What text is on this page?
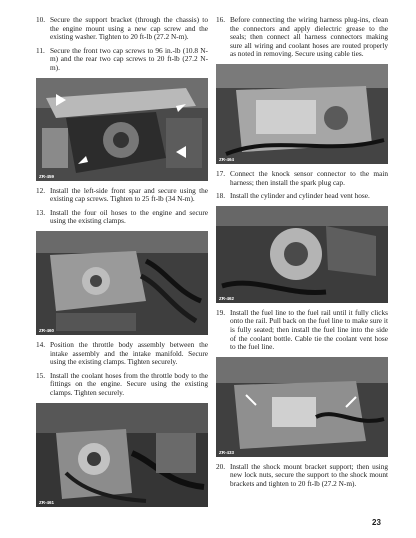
10. Secure the support bracket (through the chassis) to the engine mount using a new cap screw and the existing washer. Tighten to 20 ft-lb (27.2 N-m).
11. Secure the front two cap screws to 96 in.-lb (10.8 N-m) and the rear two cap screws to 20 ft-lb (27.2 N-m).
ZR-459
12. Install the left-side front spar and secure using the existing cap screws. Tighten to 25 ft-lb (34 N-m).
13. Install the four oil hoses to the engine and secure using the existing clamps.
ZR-460
14. Position the throttle body assembly between the intake assembly and the intake manifold. Secure using the existing clamps. Tighten securely.
15. Install the coolant hoses from the throttle body to the fittings on the engine. Secure using the existing clamps. Tighten securely.
ZR-461
16. Before connecting the wiring harness plug-ins, clean the connectors and apply dielectric grease to the seals; then connect all harness connectors making sure all wiring and coolant hoses are routed properly as noted in removing. Secure using cable ties.
ZR-464
17. Connect the knock sensor connector to the main harness; then install the spark plug cap.
18. Install the cylinder and cylinder head vent hose.
ZR-462
19. Install the fuel line to the fuel rail until it fully clicks onto the rail. Pull back on the fuel line to make sure it is fully seated; then install the fuel line into the side of the coolant bottle. Cable tie the coolant vent hose to the fuel line.
ZR-433
20. Install the shock mount bracket support; then using new lock nuts, secure the support to the shock mount brackets and tighten to 20 ft-lb (27.2 N-m).
23
